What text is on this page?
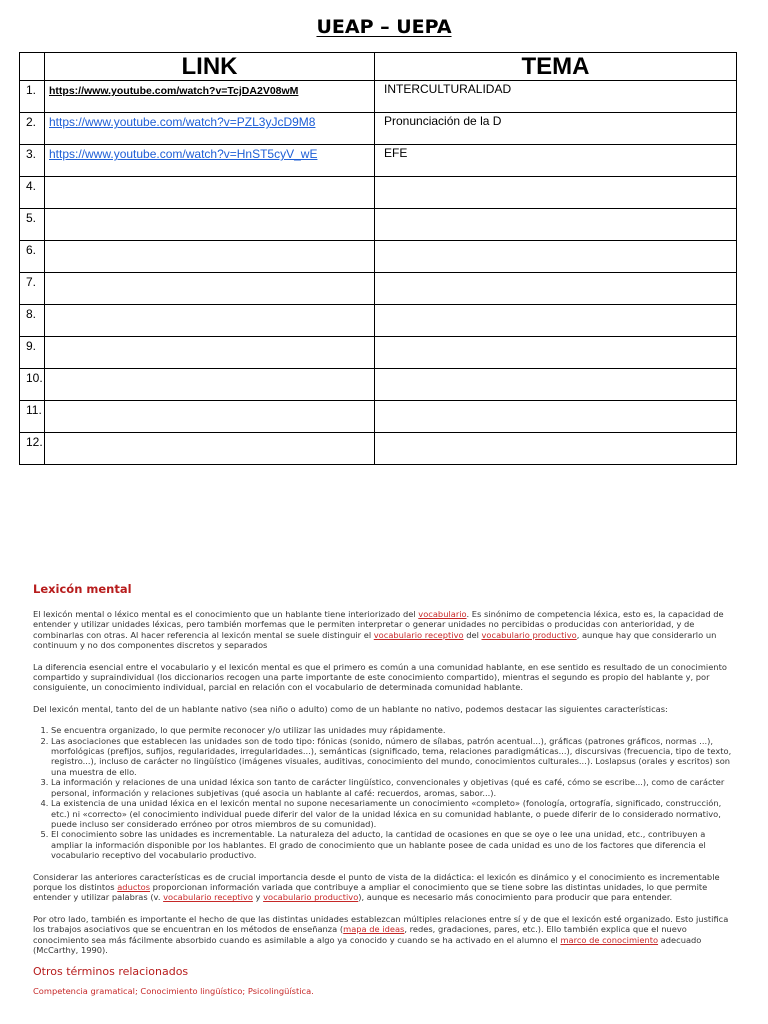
UEAP – UEPA
	LINK	TEMA
1.	https://www.youtube.com/watch?v=TcjDA2V08wM	INTERCULTURALIDAD
2.	https://www.youtube.com/watch?v=PZL3yJcD9M8	Pronunciación de la D
3.	https://www.youtube.com/watch?v=HnST5cyV_wE	EFE
4.		
5.		
6.		
7.		
8.		
9.		
10.		
11.		
12.		
Lexicón mental

El lexicón mental o léxico mental es el conocimiento que un hablante tiene interiorizado del vocabulario. Es sinónimo de competencia léxica, esto es, la capacidad de entender y utilizar unidades léxicas, pero también morfemas que le permiten interpretar o generar unidades no percibidas o producidas con anterioridad, y de combinarlas con otras. Al hacer referencia al lexicón mental se suele distinguir el vocabulario receptivo del vocabulario productivo, aunque hay que considerarlo un continuum y no dos componentes discretos y separados

La diferencia esencial entre el vocabulario y el lexicón mental es que el primero es común a una comunidad hablante, en ese sentido es resultado de un conocimiento compartido y supraindividual (los diccionarios recogen una parte importante de este conocimiento compartido), mientras el segundo es propio del hablante y, por consiguiente, un conocimiento individual, parcial en relación con el vocabulario de determinada comunidad hablante.

Del lexicón mental, tanto del de un hablante nativo (sea niño o adulto) como de un hablante no nativo, podemos destacar las siguientes características:

1. Se encuentra organizado, lo que permite reconocer y/o utilizar las unidades muy rápidamente.
2. Las asociaciones que establecen las unidades son de todo tipo: fónicas (sonido, número de sílabas, patrón acentual...), gráficas (patrones gráficos, normas ...), morfológicas (prefijos, sufijos, regularidades, irregularidades...), semánticas (significado, tema, relaciones paradigmáticas...), discursivas (frecuencia, tipo de texto, registro...), incluso de carácter no lingüístico (imágenes visuales, auditivas, conocimiento del mundo, conocimientos culturales...). Loslapsus (orales y escritos) son una muestra de ello.
3. La información y relaciones de una unidad léxica son tanto de carácter lingüístico, convencionales y objetivas (qué es café, cómo se escribe...), como de carácter personal, información y relaciones subjetivas (qué asocia un hablante al café: recuerdos, aromas, sabor...).
4. La existencia de una unidad léxica en el lexicón mental no supone necesariamente un conocimiento «completo» (fonología, ortografía, significado, construcción, etc.) ni «correcto» (el conocimiento individual puede diferir del valor de la unidad léxica en su comunidad hablante, o puede diferir de lo considerado normativo, puede incluso ser considerado erróneo por otros miembros de su comunidad).
5. El conocimiento sobre las unidades es incrementable. La naturaleza del aducto, la cantidad de ocasiones en que se oye o lee una unidad, etc., contribuyen a ampliar la información disponible por los hablantes. El grado de conocimiento que un hablante posee de cada unidad es uno de los factores que diferencia el vocabulario receptivo del vocabulario productivo.

Considerar las anteriores características es de crucial importancia desde el punto de vista de la didáctica: el lexicón es dinámico y el conocimiento es incrementable porque los distintos aductos proporcionan información variada que contribuye a ampliar el conocimiento que se tiene sobre las distintas unidades, lo que permite entender y utilizar palabras (v. vocabulario receptivo y vocabulario productivo), aunque es necesario más conocimiento para producir que para entender.

Por otro lado, también es importante el hecho de que las distintas unidades establezcan múltiples relaciones entre sí y de que el lexicón esté organizado. Esto justifica los trabajos asociativos que se encuentran en los métodos de enseñanza (mapa de ideas, redes, gradaciones, pares, etc.). Ello también explica que el nuevo conocimiento sea más fácilmente absorbido cuando es asimilable a algo ya conocido y cuando se ha activado en el alumno el marco de conocimiento adecuado (McCarthy, 1990).

Otros términos relacionados
Competencia gramatical; Conocimiento lingüístico; Psicolingüística.
